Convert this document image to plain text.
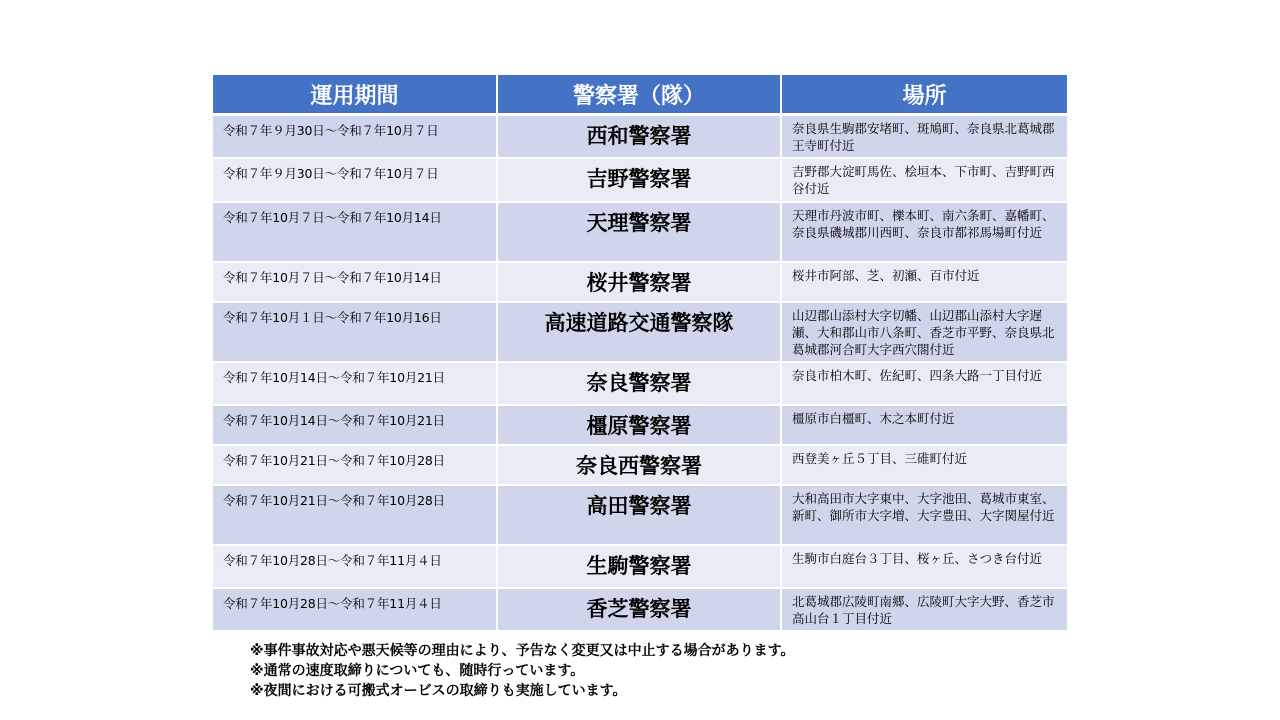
運用期間	警察署（隊）	場所
令和７年９月30日～令和７年10月７日	西和警察署	奈良県生駒郡安堵町、斑鳩町、奈良県北葛城郡王寺町付近
令和７年９月30日～令和７年10月７日	吉野警察署	吉野郡大淀町馬佐、桧垣本、下市町、吉野町西谷付近
令和７年10月７日～令和７年10月14日	天理警察署	天理市丹波市町、櫟本町、南六条町、嘉幡町、奈良県磯城郡川西町、奈良市都祁馬場町付近
令和７年10月７日～令和７年10月14日	桜井警察署	桜井市阿部、芝、初瀬、百市付近
令和７年10月１日～令和７年10月16日	高速道路交通警察隊	山辺郡山添村大字切幡、山辺郡山添村大字遅瀬、大和郡山市八条町、香芝市平野、奈良県北葛城郡河合町大字西穴閤付近
令和７年10月14日～令和７年10月21日	奈良警察署	奈良市柏木町、佐紀町、四条大路一丁目付近
令和７年10月14日～令和７年10月21日	橿原警察署	橿原市白橿町、木之本町付近
令和７年10月21日～令和７年10月28日	奈良西警察署	西登美ヶ丘５丁目、三碓町付近
令和７年10月21日～令和７年10月28日	高田警察署	大和高田市大字東中、大字池田、葛城市東室、新町、御所市大字増、大字豊田、大字関屋付近
令和７年10月28日～令和７年11月４日	生駒警察署	生駒市白庭台３丁目、桜ヶ丘、さつき台付近
令和７年10月28日～令和７年11月４日	香芝警察署	北葛城郡広陵町南郷、広陵町大字大野、香芝市高山台１丁目付近
※事件事故対応や悪天候等の理由により、予告なく変更又は中止する場合があります。
※通常の速度取締りについても、随時行っています。
※夜間における可搬式オービスの取締りも実施しています。
